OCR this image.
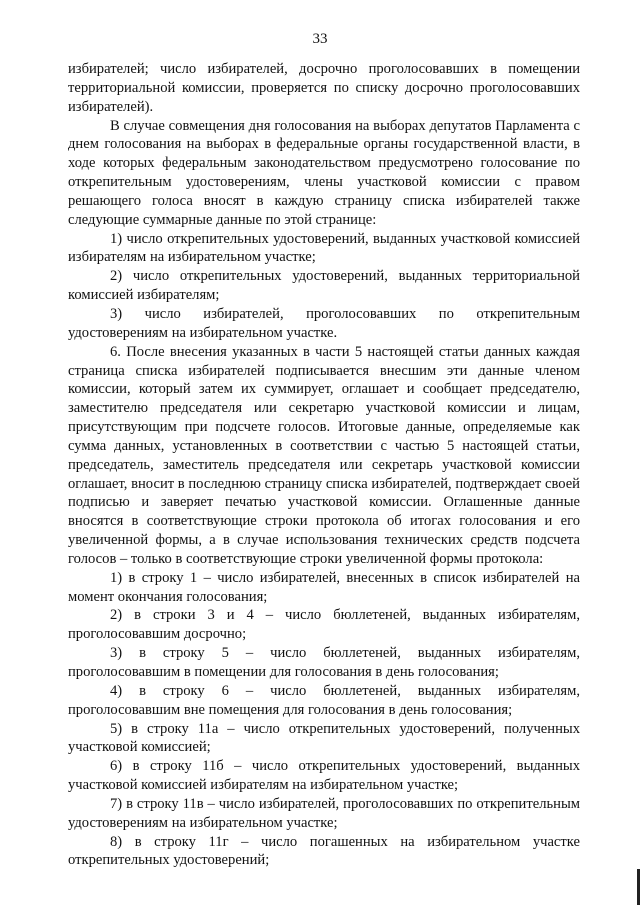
33

избирателей; число избирателей, досрочно проголосовавших в помещении территориальной комиссии, проверяется по списку досрочно проголосовавших избирателей).

В случае совмещения дня голосования на выборах депутатов Парламента с днем голосования на выборах в федеральные органы государственной власти, в ходе которых федеральным законодательством предусмотрено голосование по открепительным удостоверениям, члены участковой комиссии с правом решающего голоса вносят в каждую страницу списка избирателей также следующие суммарные данные по этой странице:

1) число открепительных удостоверений, выданных участковой комиссией избирателям на избирательном участке;

2) число открепительных удостоверений, выданных территориальной комиссией избирателям;

3) число избирателей, проголосовавших по открепительным удостоверениям на избирательном участке.

6. После внесения указанных в части 5 настоящей статьи данных каждая страница списка избирателей подписывается внесшим эти данные членом комиссии, который затем их суммирует, оглашает и сообщает председателю, заместителю председателя или секретарю участковой комиссии и лицам, присутствующим при подсчете голосов. Итоговые данные, определяемые как сумма данных, установленных в соответствии с частью 5 настоящей статьи, председатель, заместитель председателя или секретарь участковой комиссии оглашает, вносит в последнюю страницу списка избирателей, подтверждает своей подписью и заверяет печатью участковой комиссии. Оглашенные данные вносятся в соответствующие строки протокола об итогах голосования и его увеличенной формы, а в случае использования технических средств подсчета голосов – только в соответствующие строки увеличенной формы протокола:

1) в строку 1 – число избирателей, внесенных в список избирателей на момент окончания голосования;

2) в строки 3 и 4 – число бюллетеней, выданных избирателям, проголосовавшим досрочно;

3) в строку 5 – число бюллетеней, выданных избирателям, проголосовавшим в помещении для голосования в день голосования;

4) в строку 6 – число бюллетеней, выданных избирателям, проголосовавшим вне помещения для голосования в день голосования;

5) в строку 11а – число открепительных удостоверений, полученных участковой комиссией;

6) в строку 11б – число открепительных удостоверений, выданных участковой комиссией избирателям на избирательном участке;

7) в строку 11в – число избирателей, проголосовавших по открепительным удостоверениям на избирательном участке;

8) в строку 11г – число погашенных на избирательном участке открепительных удостоверений;
